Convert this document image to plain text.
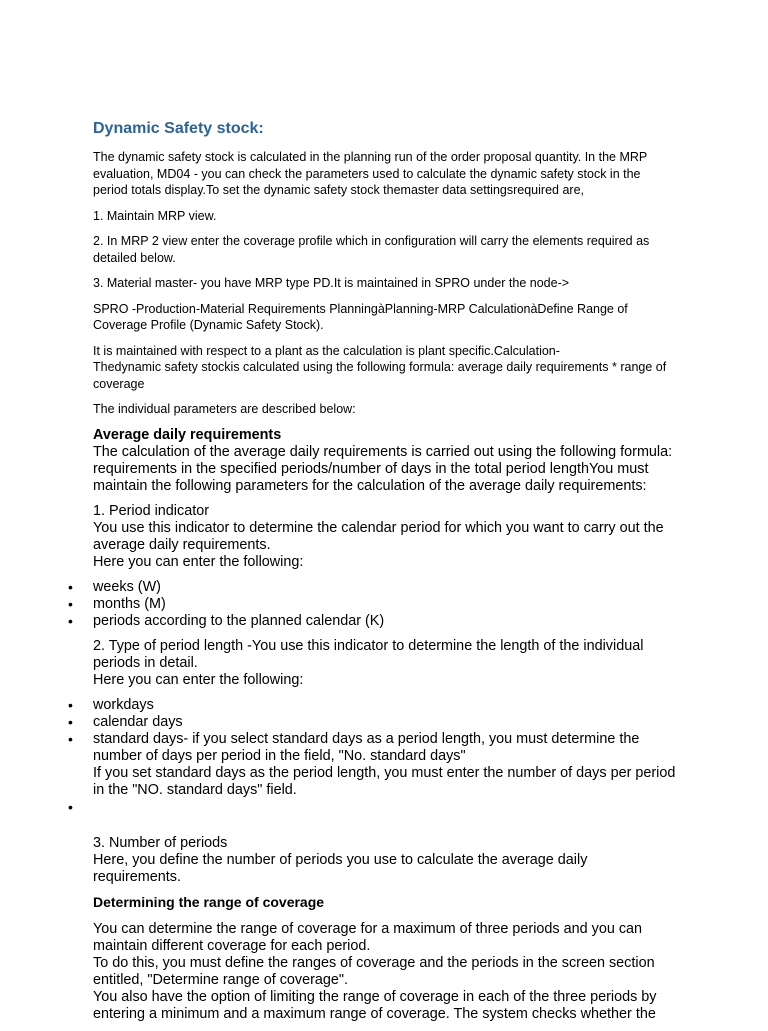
Dynamic Safety stock:

The dynamic safety stock is calculated in the planning run of the order proposal quantity. In the MRP evaluation, MD04 - you can check the parameters used to calculate the dynamic safety stock in the period totals display.To set the dynamic safety stock themaster data settingsrequired are,

1. Maintain MRP view.

2. In MRP 2 view enter the coverage profile which in configuration will carry the elements required as detailed below.

3. Material master- you have MRP type PD.It is maintained in SPRO under the node->

SPRO -Production-Material Requirements PlanningàPlanning-MRP CalculationàDefine Range of Coverage Profile (Dynamic Safety Stock).

It is maintained with respect to a plant as the calculation is plant specific.Calculation-
Thedynamic safety stockis calculated using the following formula: average daily requirements * range of coverage

The individual parameters are described below:

Average daily requirements
The calculation of the average daily requirements is carried out using the following formula: requirements in the specified periods/number of days in the total period lengthYou must maintain the following parameters for the calculation of the average daily requirements:
1. Period indicator
You use this indicator to determine the calendar period for which you want to carry out the average daily requirements.
Here you can enter the following:
• weeks (W)
• months (M)
• periods according to the planned calendar (K)
2. Type of period length -You use this indicator to determine the length of the individual periods in detail.
Here you can enter the following:
• workdays
• calendar days
• standard days- if you select standard days as a period length, you must determine the number of days per period in the field, "No. standard days"
If you set standard days as the period length, you must enter the number of days per period in the "NO. standard days" field.
•
3. Number of periods
Here, you define the number of periods you use to calculate the average daily requirements.
Determining the range of coverage
You can determine the range of coverage for a maximum of three periods and you can maintain different coverage for each period.
To do this, you must define the ranges of coverage and the periods in the screen section entitled, "Determine range of coverage".
You also have the option of limiting the range of coverage in each of the three periods by entering a minimum and a maximum range of coverage. The system checks whether the
